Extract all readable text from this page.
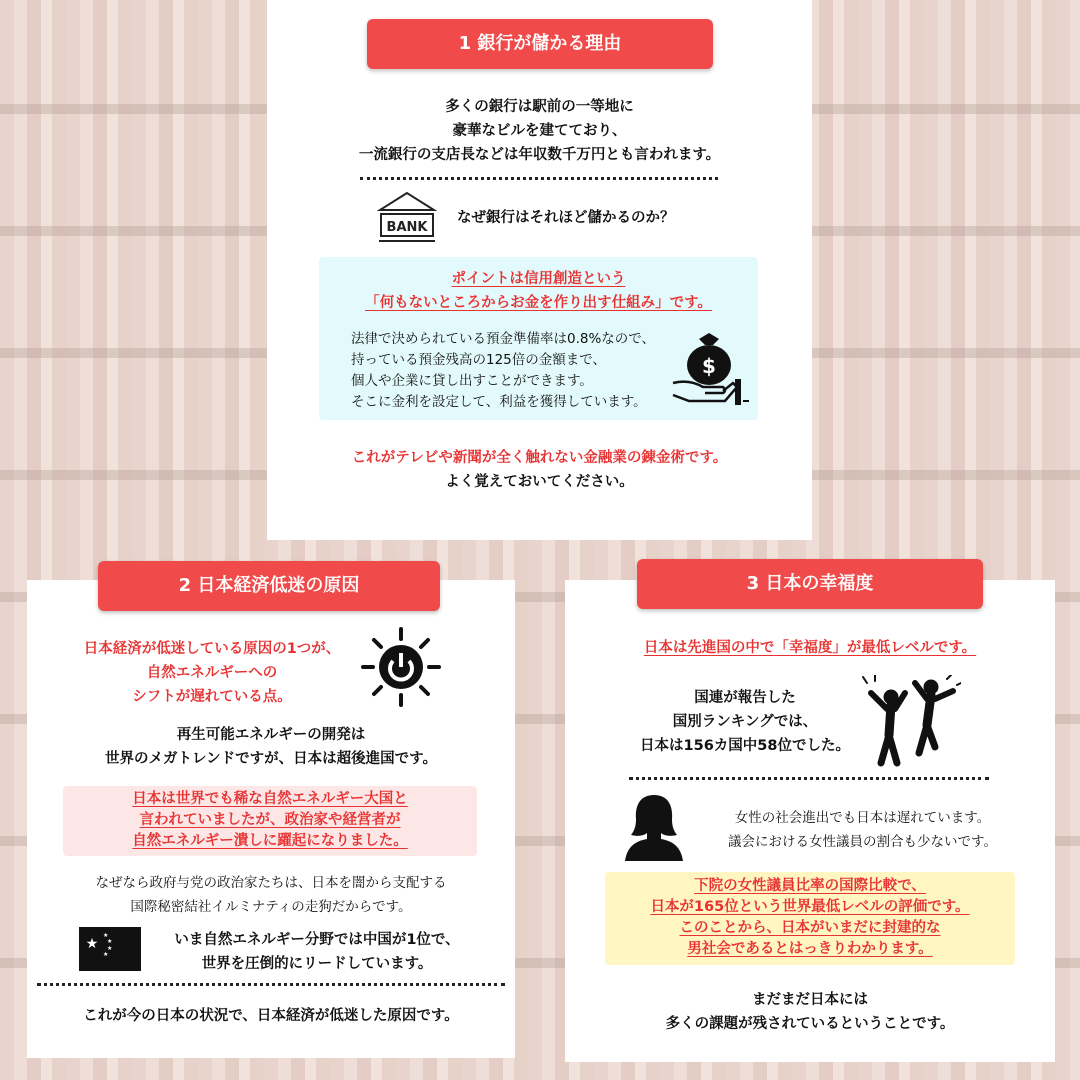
1 銀行が儲かる理由
多くの銀行は駅前の一等地に
豪華なビルを建てており、
一流銀行の支店長などは年収数千万円とも言われます。
BANK
なぜ銀行はそれほど儲かるのか？
ポイントは信用創造という
「何もないところからお金を作り出す仕組み」です。
法律で決められている預金準備率は0.8%なので、
持っている預金残高の125倍の金額まで、
個人や企業に貸し出すことができます。
そこに金利を設定して、利益を獲得しています。
$
これがテレビや新聞が全く触れない金融業の錬金術です。
よく覚えておいてください。
2 日本経済低迷の原因
日本経済が低迷している原因の1つが、
自然エネルギーへの
シフトが遅れている点。
再生可能エネルギーの開発は
世界のメガトレンドですが、日本は超後進国です。
日本は世界でも稀な自然エネルギー大国と
言われていましたが、政治家や経営者が
自然エネルギー潰しに躍起になりました。
なぜなら政府与党の政治家たちは、日本を闇から支配する
国際秘密結社イルミナティの走狗だからです。
★
★
★
★
★
いま自然エネルギー分野では中国が1位で、
世界を圧倒的にリードしています。
これが今の日本の状況で、日本経済が低迷した原因です。
3 日本の幸福度
日本は先進国の中で「幸福度」が最低レベルです。
国連が報告した
国別ランキングでは、
日本は156カ国中58位でした。
女性の社会進出でも日本は遅れています。
議会における女性議員の割合も少ないです。
下院の女性議員比率の国際比較で、
日本が165位という世界最低レベルの評価です。
このことから、日本がいまだに封建的な
男社会であるとはっきりわかります。
まだまだ日本には
多くの課題が残されているということです。
